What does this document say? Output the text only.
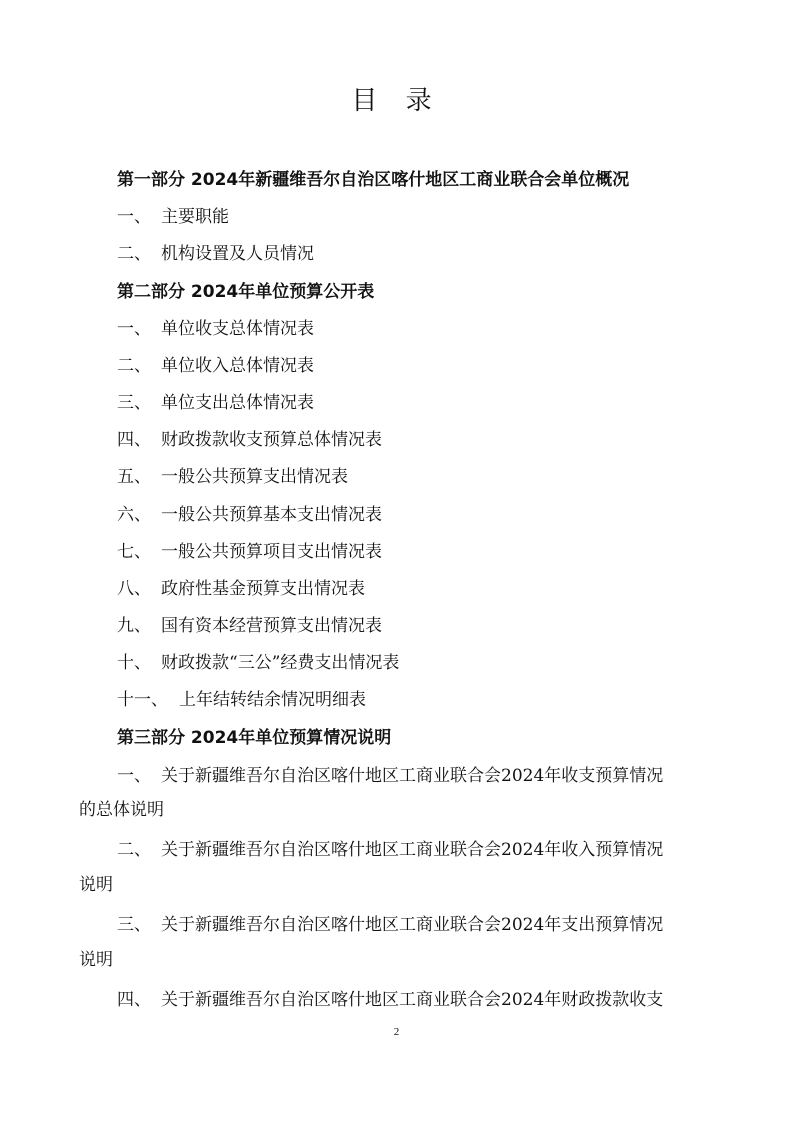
目 录
第一部分 2024年新疆维吾尔自治区喀什地区工商业联合会单位概况
一、 主要职能
二、 机构设置及人员情况
第二部分 2024年单位预算公开表
一、 单位收支总体情况表
二、 单位收入总体情况表
三、 单位支出总体情况表
四、 财政拨款收支预算总体情况表
五、 一般公共预算支出情况表
六、 一般公共预算基本支出情况表
七、 一般公共预算项目支出情况表
八、 政府性基金预算支出情况表
九、 国有资本经营预算支出情况表
十、 财政拨款“三公”经费支出情况表
十一、 上年结转结余情况明细表
第三部分 2024年单位预算情况说明
一、 关于新疆维吾尔自治区喀什地区工商业联合会2024年收支预算情况
的总体说明
二、 关于新疆维吾尔自治区喀什地区工商业联合会2024年收入预算情况
说明
三、 关于新疆维吾尔自治区喀什地区工商业联合会2024年支出预算情况
说明
四、 关于新疆维吾尔自治区喀什地区工商业联合会2024年财政拨款收支
2
